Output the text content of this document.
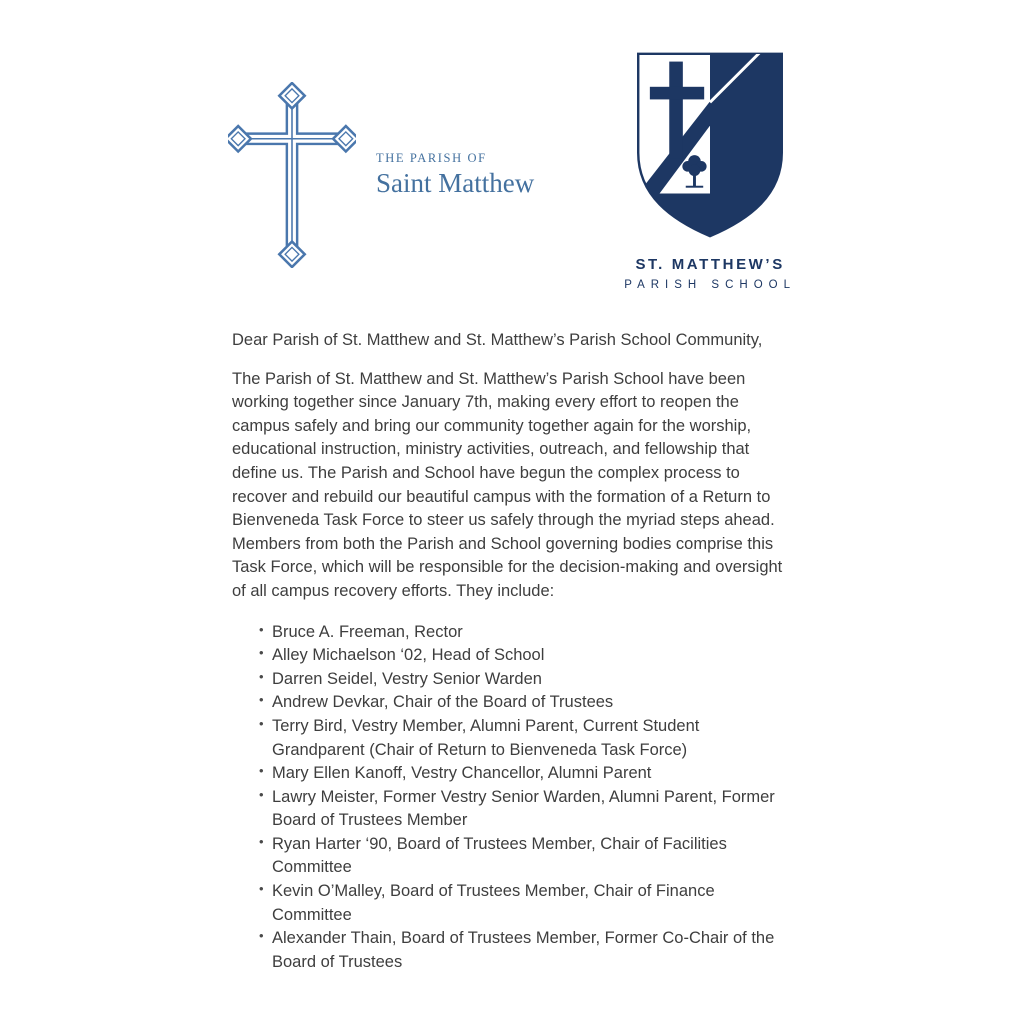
THE PARISH OF
Saint Matthew
ST. MATTHEW’S
PARISH SCHOOL

Dear Parish of St. Matthew and St. Matthew’s Parish School Community,

The Parish of St. Matthew and St. Matthew’s Parish School have been working together since January 7th, making every effort to reopen the campus safely and bring our community together again for the worship, educational instruction, ministry activities, outreach, and fellowship that define us. The Parish and School have begun the complex process to recover and rebuild our beautiful campus with the formation of a Return to Bienveneda Task Force to steer us safely through the myriad steps ahead. Members from both the Parish and School governing bodies comprise this Task Force, which will be responsible for the decision-making and oversight of all campus recovery efforts. They include:

• Bruce A. Freeman, Rector
• Alley Michaelson ‘02, Head of School
• Darren Seidel, Vestry Senior Warden
• Andrew Devkar, Chair of the Board of Trustees
• Terry Bird, Vestry Member, Alumni Parent, Current Student Grandparent (Chair of Return to Bienveneda Task Force)
• Mary Ellen Kanoff, Vestry Chancellor, Alumni Parent
• Lawry Meister, Former Vestry Senior Warden, Alumni Parent, Former Board of Trustees Member
• Ryan Harter ‘90, Board of Trustees Member, Chair of Facilities Committee
• Kevin O’Malley, Board of Trustees Member, Chair of Finance Committee
• Alexander Thain, Board of Trustees Member, Former Co-Chair of the Board of Trustees
